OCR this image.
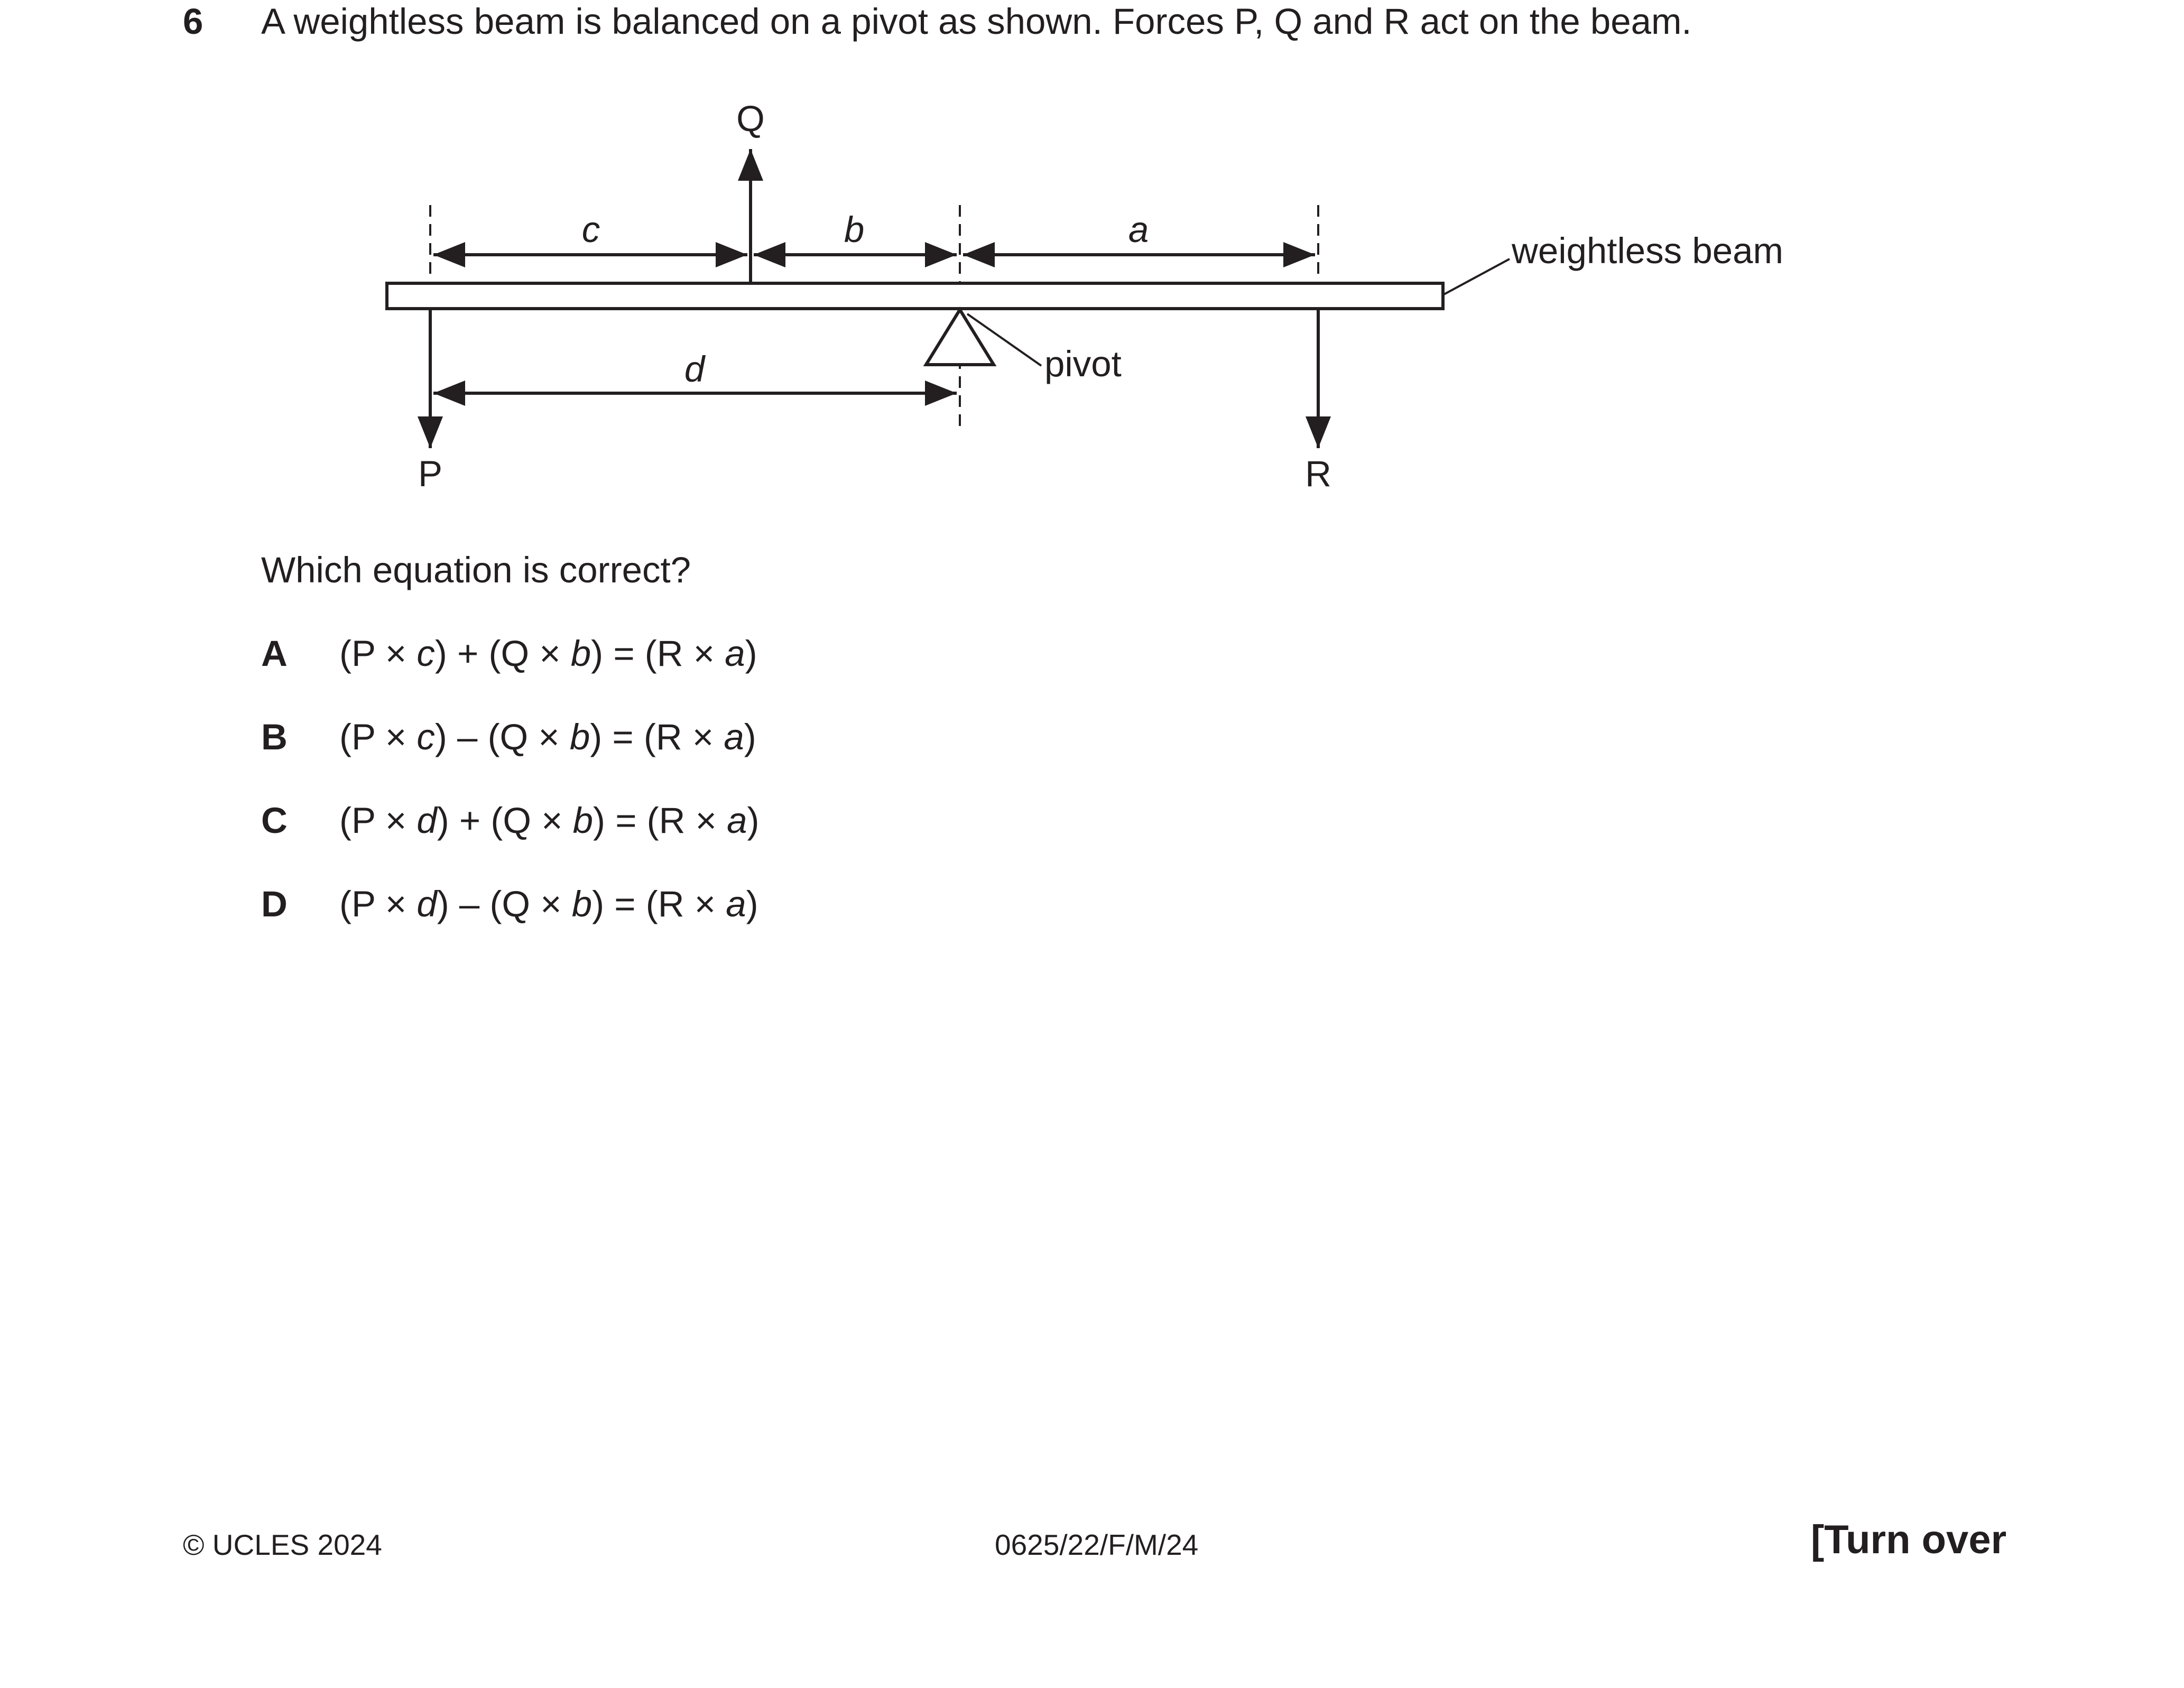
6 A weightless beam is balanced on a pivot as shown. Forces P, Q and R act on the beam.
Q
P	R
c	b	a
d
weightless beam
pivot
Which equation is correct?
A (P × c) + (Q × b) = (R × a)
B (P × c) – (Q × b) = (R × a)
C (P × d) + (Q × b) = (R × a)
D (P × d) – (Q × b) = (R × a)
© UCLES 2024	0625/22/F/M/24	[Turn over
